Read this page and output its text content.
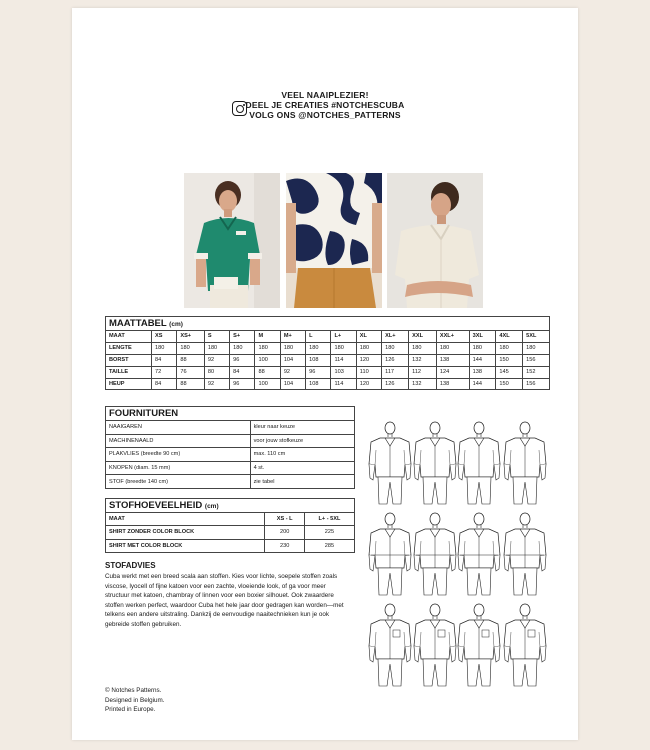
VEEL NAAIPLEZIER!
DEEL JE CREATIES #NOTCHESCUBA
VOLG ONS @NOTCHES_PATTERNS
MAATTABEL (cm)															
MAAT	XS	XS+	S	S+	M	M+	L	L+	XL	XL+	XXL	XXL+	3XL	4XL	5XL
LENGTE	180	180	180	180	180	180	180	180	180	180	180	180	180	180	180
BORST	84	88	92	96	100	104	108	114	120	126	132	138	144	150	156
TAILLE	72	76	80	84	88	92	96	103	110	117	112	124	138	145	152
HEUP	84	88	92	96	100	104	108	114	120	126	132	138	144	150	156
FOURNITUREN	
NAAIGAREN	kleur naar keuze
MACHINENAALD	voor jouw stofkeuze
PLAKVLIES (breedte 90 cm)	max. 110 cm
KNOPEN (diam. 15 mm)	4 st.
STOF (breedte 140 cm)	zie tabel
STOFHOEVEELHEID (cm)		
MAAT	XS - L	L+ - 5XL
SHIRT ZONDER COLOR BLOCK	200	225
SHIRT MET COLOR BLOCK	230	285
STOFADVIES
Cuba werkt met een breed scala aan stoffen. Kies voor lichte, soepele stoffen zoals viscose, lyocell of fijne katoen voor een zachte, vloeiende look, of ga voor meer structuur met katoen, chambray of linnen voor een boxier silhouet. Ook zwaardere stoffen werken perfect, waardoor Cuba het hele jaar door gedragen kan worden—met telkens een andere uitstraling. Dankzij de eenvoudige naaitechnieken kun je ook gebreide stoffen gebruiken.
© Notches Patterns.
Designed in Belgium.
Printed in Europe.
